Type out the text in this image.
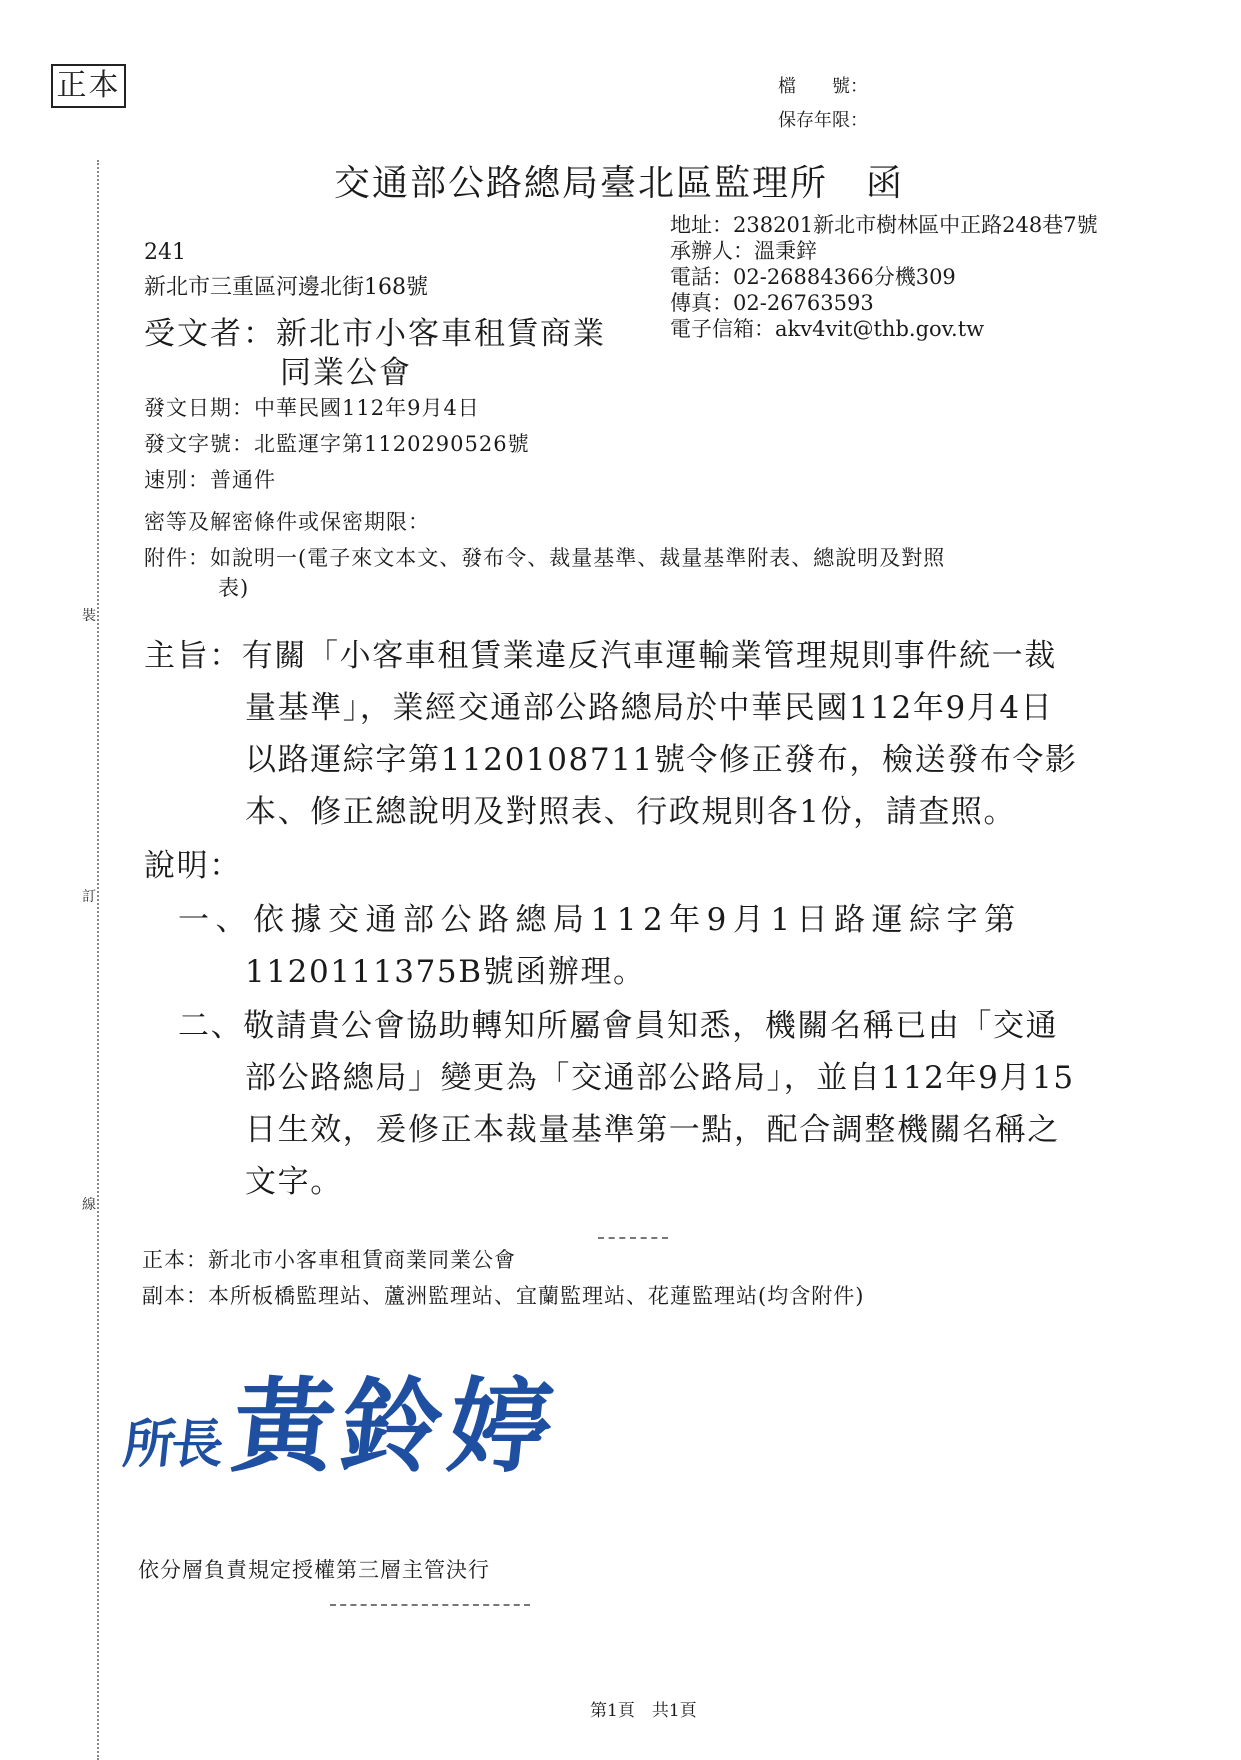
正本
裝
訂
線
檔　　號：
保存年限：
交通部公路總局臺北區監理所　函
地址：238201新北市樹林區中正路248巷7號
承辦人：溫秉鋅
電話：02-26884366分機309
傳真：02-26763593
電子信箱：akv4vit@thb.gov.tw
241
新北市三重區河邊北街168號
受文者：新北市小客車租賃商業
同業公會
發文日期：中華民國112年9月4日
發文字號：北監運字第1120290526號
速別：普通件
密等及解密條件或保密期限：
附件：如說明一(電子來文本文、發布令、裁量基準、裁量基準附表、總說明及對照
表)
主旨：有關「小客車租賃業違反汽車運輸業管理規則事件統一裁
量基準」，業經交通部公路總局於中華民國112年9月4日
以路運綜字第1120108711號令修正發布，檢送發布令影
本、修正總說明及對照表、行政規則各1份，請查照。
說明：
一、依據交通部公路總局112年9月1日路運綜字第
1120111375B號函辦理。
二、敬請貴公會協助轉知所屬會員知悉，機關名稱已由「交通
部公路總局」變更為「交通部公路局」，並自112年9月15
日生效，爰修正本裁量基準第一點，配合調整機關名稱之
文字。
正本：新北市小客車租賃商業同業公會
副本：本所板橋監理站、蘆洲監理站、宜蘭監理站、花蓮監理站(均含附件)
所長黃鈴婷
依分層負責規定授權第三層主管決行
第1頁　共1頁
